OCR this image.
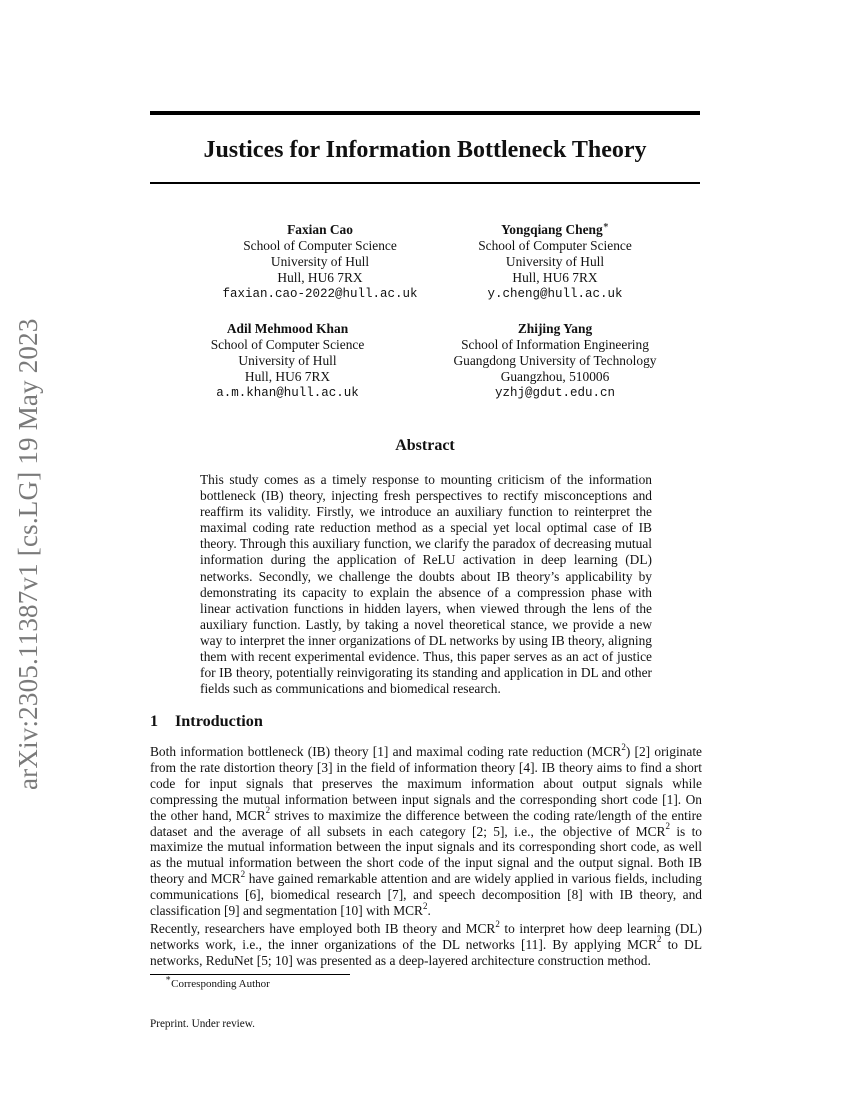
arXiv:2305.11387v1 [cs.LG] 19 May 2023
Justices for Information Bottleneck Theory
Faxian Cao
School of Computer Science
University of Hull
Hull, HU6 7RX
faxian.cao-2022@hull.ac.uk
Yongqiang Cheng∗
School of Computer Science
University of Hull
Hull, HU6 7RX
y.cheng@hull.ac.uk
Adil Mehmood Khan
School of Computer Science
University of Hull
Hull, HU6 7RX
a.m.khan@hull.ac.uk
Zhijing Yang
School of Information Engineering
Guangdong University of Technology
Guangzhou, 510006
yzhj@gdut.edu.cn
Abstract
This study comes as a timely response to mounting criticism of the information bottleneck (IB) theory, injecting fresh perspectives to rectify misconceptions and reaffirm its validity. Firstly, we introduce an auxiliary function to reinterpret the maximal coding rate reduction method as a special yet local optimal case of IB theory. Through this auxiliary function, we clarify the paradox of decreasing mutual information during the application of ReLU activation in deep learning (DL) networks. Secondly, we challenge the doubts about IB theory’s applicability by demonstrating its capacity to explain the absence of a compression phase with linear activation functions in hidden layers, when viewed through the lens of the auxiliary function. Lastly, by taking a novel theoretical stance, we provide a new way to interpret the inner organizations of DL networks by using IB theory, aligning them with recent experimental evidence. Thus, this paper serves as an act of justice for IB theory, potentially reinvigorating its standing and application in DL and other fields such as communications and biomedical research.
1 Introduction
Both information bottleneck (IB) theory [1] and maximal coding rate reduction (MCR$^2$) [2] originate from the rate distortion theory [3] in the field of information theory [4]. IB theory aims to find a short code for input signals that preserves the maximum information about output signals while compressing the mutual information between input signals and the corresponding short code [1]. On the other hand, MCR$^2$ strives to maximize the difference between the coding rate/length of the entire dataset and the average of all subsets in each category [2; 5], i.e., the objective of MCR$^2$ is to maximize the mutual information between the input signals and its corresponding short code, as well as the mutual information between the short code of the input signal and the output signal. Both IB theory and MCR$^2$ have gained remarkable attention and are widely applied in various fields, including communications [6], biomedical research [7], and speech decomposition [8] with IB theory, and classification [9] and segmentation [10] with MCR$^2$.
Recently, researchers have employed both IB theory and MCR$^2$ to interpret how deep learning (DL) networks work, i.e., the inner organizations of the DL networks [11]. By applying MCR$^2$ to DL networks, ReduNet [5; 10] was presented as a deep-layered architecture construction method.
∗Corresponding Author
Preprint. Under review.
